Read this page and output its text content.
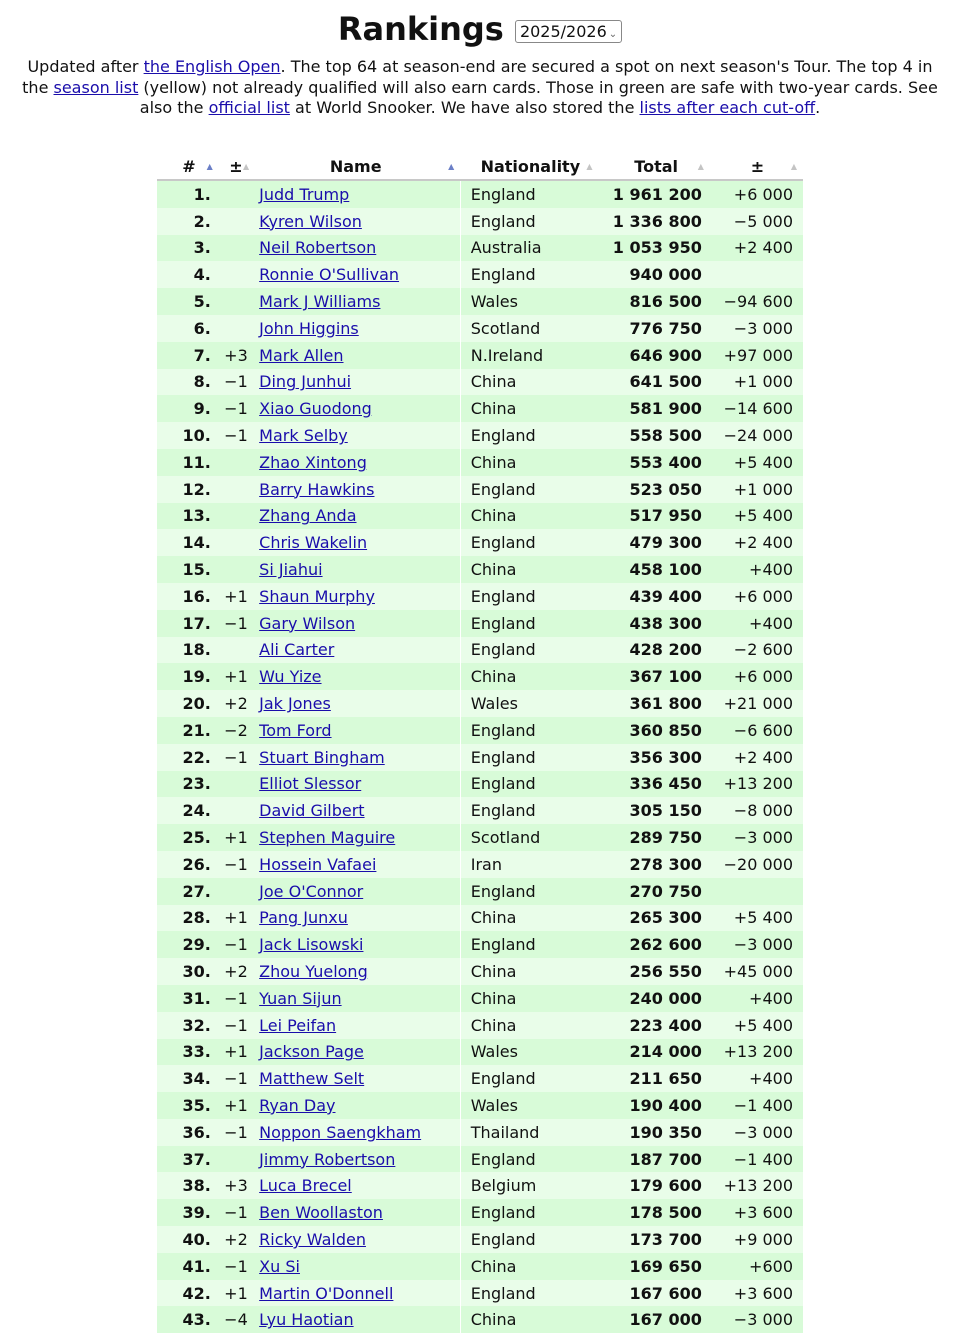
Rankings 2025/2026 ⌄
Updated after the English Open. The top 64 at season-end are secured a spot on next season's Tour. The top 4 in the season list (yellow) not already qualified will also earn cards. Those in green are safe with two-year cards. See also the official list at World Snooker. We have also stored the lists after each cut-off.
# ▲	± ▲	Name ▲	Nationality ▲	Total ▲	± ▲

1.		Judd Trump	England	1 961 200	+6 000
2.		Kyren Wilson	England	1 336 800	−5 000
3.		Neil Robertson	Australia	1 053 950	+2 400
4.		Ronnie O'Sullivan	England	940 000	
5.		Mark J Williams	Wales	816 500	−94 600
6.		John Higgins	Scotland	776 750	−3 000
7.	+3	Mark Allen	N.Ireland	646 900	+97 000
8.	−1	Ding Junhui	China	641 500	+1 000
9.	−1	Xiao Guodong	China	581 900	−14 600
10.	−1	Mark Selby	England	558 500	−24 000
11.		Zhao Xintong	China	553 400	+5 400
12.		Barry Hawkins	England	523 050	+1 000
13.		Zhang Anda	China	517 950	+5 400
14.		Chris Wakelin	England	479 300	+2 400
15.		Si Jiahui	China	458 100	+400
16.	+1	Shaun Murphy	England	439 400	+6 000
17.	−1	Gary Wilson	England	438 300	+400
18.		Ali Carter	England	428 200	−2 600
19.	+1	Wu Yize	China	367 100	+6 000
20.	+2	Jak Jones	Wales	361 800	+21 000
21.	−2	Tom Ford	England	360 850	−6 600
22.	−1	Stuart Bingham	England	356 300	+2 400
23.		Elliot Slessor	England	336 450	+13 200
24.		David Gilbert	England	305 150	−8 000
25.	+1	Stephen Maguire	Scotland	289 750	−3 000
26.	−1	Hossein Vafaei	Iran	278 300	−20 000
27.		Joe O'Connor	England	270 750	
28.	+1	Pang Junxu	China	265 300	+5 400
29.	−1	Jack Lisowski	England	262 600	−3 000
30.	+2	Zhou Yuelong	China	256 550	+45 000
31.	−1	Yuan Sijun	China	240 000	+400
32.	−1	Lei Peifan	China	223 400	+5 400
33.	+1	Jackson Page	Wales	214 000	+13 200
34.	−1	Matthew Selt	England	211 650	+400
35.	+1	Ryan Day	Wales	190 400	−1 400
36.	−1	Noppon Saengkham	Thailand	190 350	−3 000
37.		Jimmy Robertson	England	187 700	−1 400
38.	+3	Luca Brecel	Belgium	179 600	+13 200
39.	−1	Ben Woollaston	England	178 500	+3 600
40.	+2	Ricky Walden	England	173 700	+9 000
41.	−1	Xu Si	China	169 650	+600
42.	+1	Martin O'Donnell	England	167 600	+3 600
43.	−4	Lyu Haotian	China	167 000	−3 000
